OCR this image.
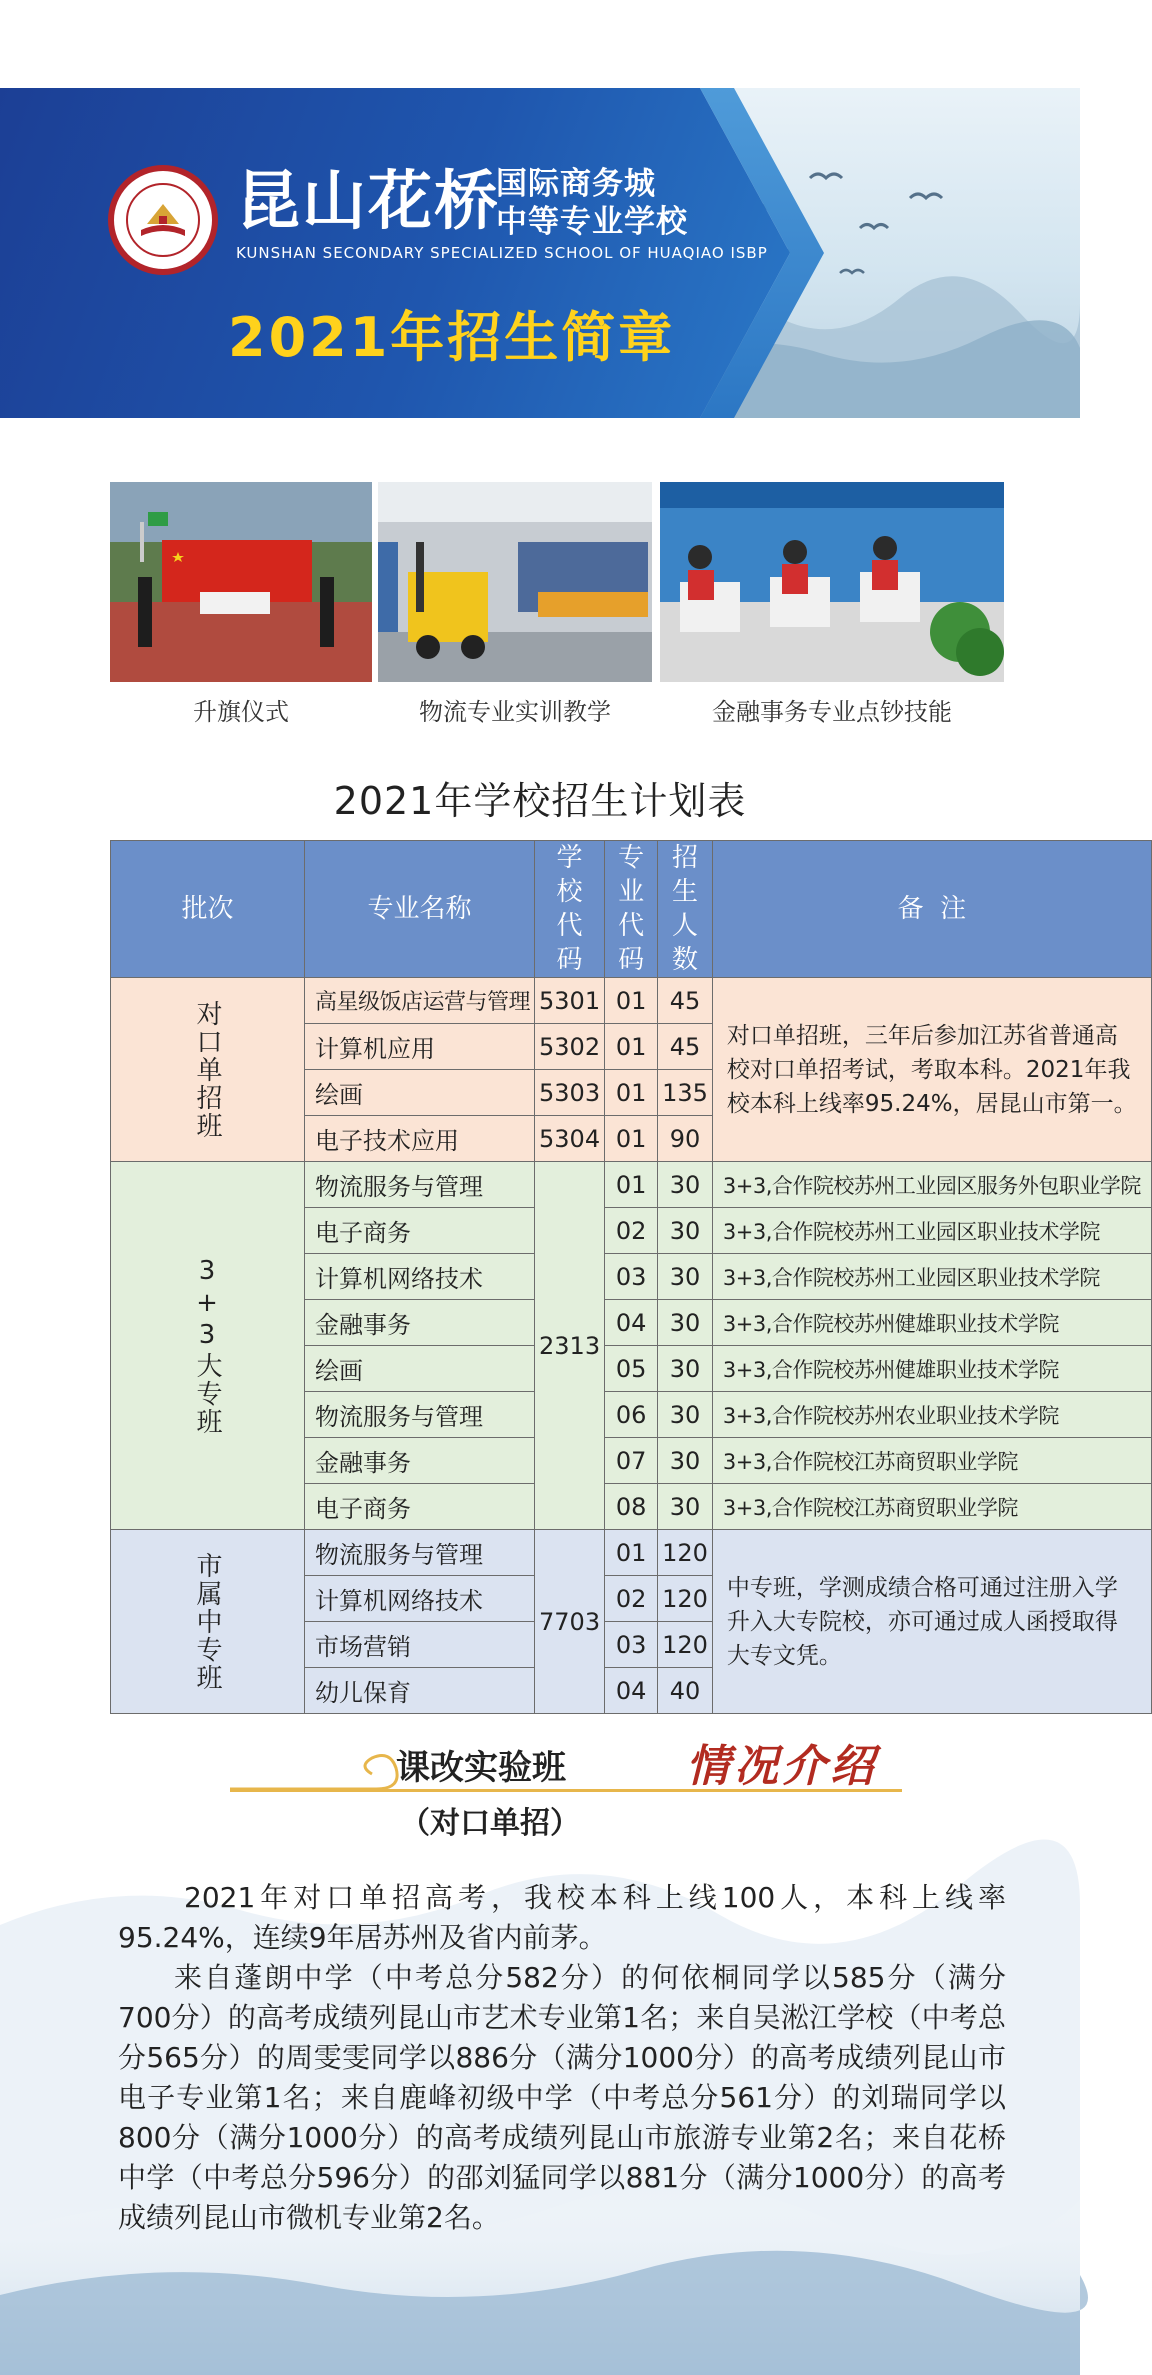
昆山花桥
国际商务城
中等专业学校
KUNSHAN SECONDARY SPECIALIZED SCHOOL OF HUAQIAO ISBP
2021年招生简章
升旗仪式	物流专业实训教学	金融事务专业点钞技能
2021年学校招生计划表
批次	专业名称	学校代码	专业代码	招生人数	备  注

对口单招班	高星级饭店运营与管理	5301	01	45	对口单招班，三年后参加江苏省普通高校对口单招考试，考取本科。2021年我校本科上线率95.24%，居昆山市第一。
	计算机应用	5302	01	45	
	绘画	5303	01	135	
	电子技术应用	5304	01	90	

3+3大专班	物流服务与管理	2313	01	30	3+3,合作院校苏州工业园区服务外包职业学院
	电子商务		02	30	3+3,合作院校苏州工业园区职业技术学院
	计算机网络技术		03	30	3+3,合作院校苏州工业园区职业技术学院
	金融事务		04	30	3+3,合作院校苏州健雄职业技术学院
	绘画		05	30	3+3,合作院校苏州健雄职业技术学院
	物流服务与管理		06	30	3+3,合作院校苏州农业职业技术学院
	金融事务		07	30	3+3,合作院校江苏商贸职业学院
	电子商务		08	30	3+3,合作院校江苏商贸职业学院

市属中专班	物流服务与管理	7703	01	120	中专班，学测成绩合格可通过注册入学升入大专院校，亦可通过成人函授取得大专文凭。
	计算机网络技术		02	120	
	市场营销		03	120	
	幼儿保育		04	40	
课改实验班	情况介绍
（对口单招）
2021年对口单招高考，我校本科上线100人，本科上线率95.24%，连续9年居苏州及省内前茅。
来自蓬朗中学（中考总分582分）的何依桐同学以585分（满分700分）的高考成绩列昆山市艺术专业第1名；来自吴淞江学校（中考总分565分）的周雯雯同学以886分（满分1000分）的高考成绩列昆山市电子专业第1名；来自鹿峰初级中学（中考总分561分）的刘瑞同学以800分（满分1000分）的高考成绩列昆山市旅游专业第2名；来自花桥中学（中考总分596分）的邵刘猛同学以881分（满分1000分）的高考成绩列昆山市微机专业第2名。
